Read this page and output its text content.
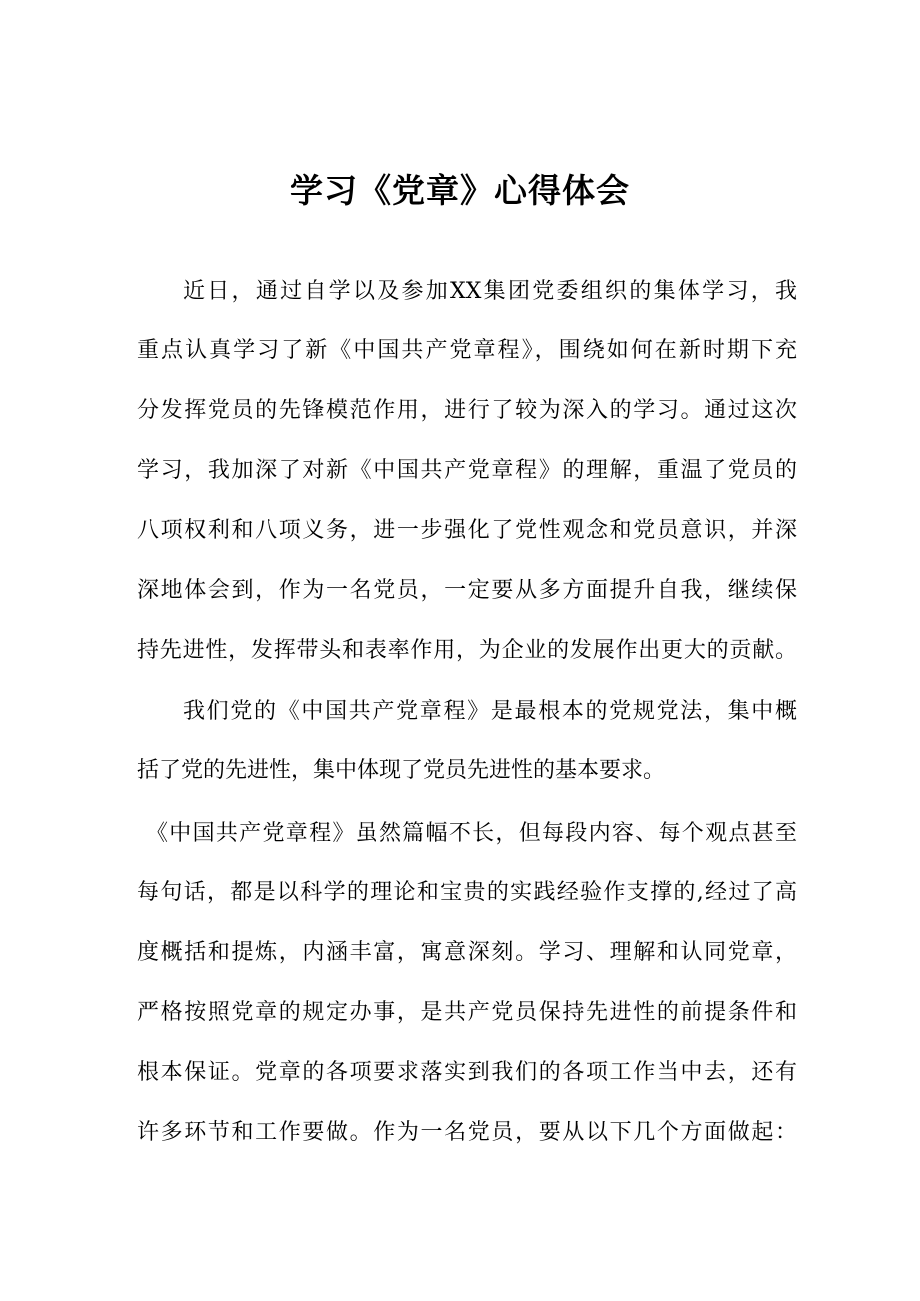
学习《党章》心得体会

近日，通过自学以及参加XX集团党委组织的集体学习，我

重点认真学习了新《中国共产党章程》，围绕如何在新时期下充

分发挥党员的先锋模范作用，进行了较为深入的学习。通过这次

学习，我加深了对新《中国共产党章程》的理解，重温了党员的

八项权利和八项义务，进一步强化了党性观念和党员意识，并深

深地体会到，作为一名党员，一定要从多方面提升自我，继续保

持先进性，发挥带头和表率作用，为企业的发展作出更大的贡献。

我们党的《中国共产党章程》是最根本的党规党法，集中概

括了党的先进性，集中体现了党员先进性的基本要求。

《中国共产党章程》虽然篇幅不长，但每段内容、每个观点甚至

每句话，都是以科学的理论和宝贵的实践经验作支撑的,经过了高

度概括和提炼，内涵丰富，寓意深刻。学习、理解和认同党章，

严格按照党章的规定办事，是共产党员保持先进性的前提条件和

根本保证。党章的各项要求落实到我们的各项工作当中去，还有

许多环节和工作要做。作为一名党员，要从以下几个方面做起：
